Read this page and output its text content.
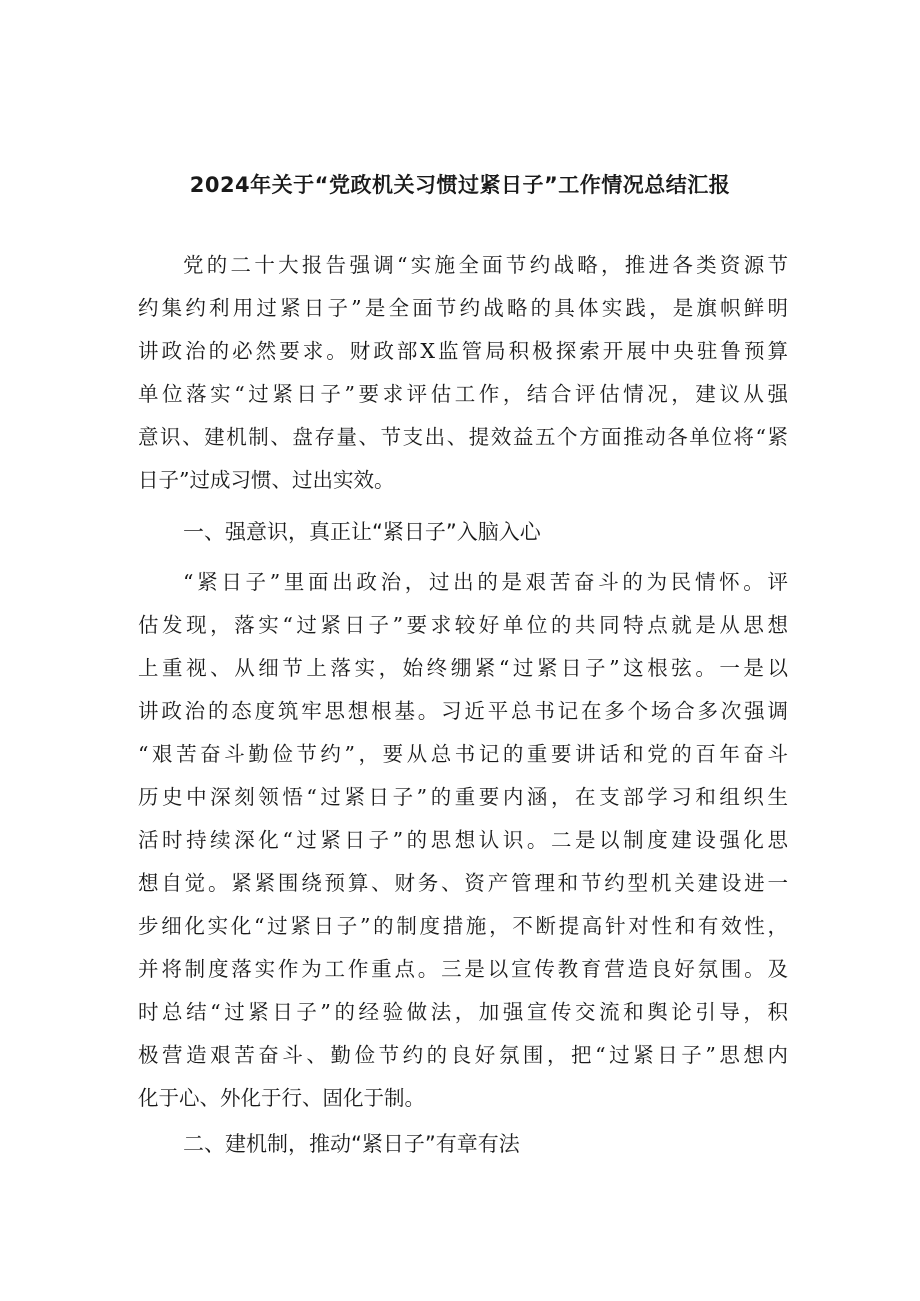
2024年关于“党政机关习惯过紧日子”工作情况总结汇报
党的二十大报告强调“实施全面节约战略，推进各类资源节
约集约利用过紧日子”是全面节约战略的具体实践，是旗帜鲜明
讲政治的必然要求。财政部X监管局积极探索开展中央驻鲁预算
单位落实“过紧日子”要求评估工作，结合评估情况，建议从强
意识、建机制、盘存量、节支出、提效益五个方面推动各单位将“紧
日子”过成习惯、过出实效。
一、强意识，真正让“紧日子”入脑入心
“紧日子”里面出政治，过出的是艰苦奋斗的为民情怀。评
估发现，落实“过紧日子”要求较好单位的共同特点就是从思想
上重视、从细节上落实，始终绷紧“过紧日子”这根弦。一是以
讲政治的态度筑牢思想根基。习近平总书记在多个场合多次强调
“艰苦奋斗勤俭节约”，要从总书记的重要讲话和党的百年奋斗
历史中深刻领悟“过紧日子”的重要内涵，在支部学习和组织生
活时持续深化“过紧日子”的思想认识。二是以制度建设强化思
想自觉。紧紧围绕预算、财务、资产管理和节约型机关建设进一
步细化实化“过紧日子”的制度措施，不断提高针对性和有效性，
并将制度落实作为工作重点。三是以宣传教育营造良好氛围。及
时总结“过紧日子”的经验做法，加强宣传交流和舆论引导，积
极营造艰苦奋斗、勤俭节约的良好氛围，把“过紧日子”思想内
化于心、外化于行、固化于制。
二、建机制，推动“紧日子”有章有法
